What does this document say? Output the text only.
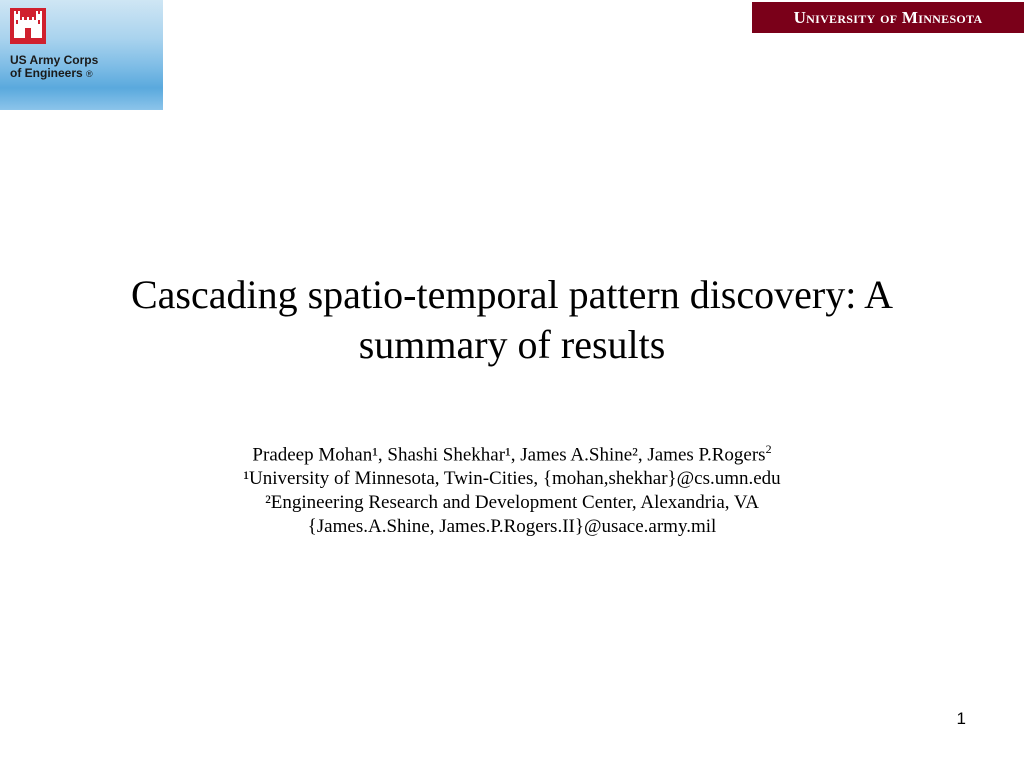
US Army Corps
of Engineers ®
University of Minnesota
Cascading spatio-temporal pattern discovery: A
summary of results
Pradeep Mohan¹, Shashi Shekhar¹, James A.Shine², James P.Rogers$^2$
¹University of Minnesota, Twin-Cities, {mohan,shekhar}@cs.umn.edu
²Engineering Research and Development Center, Alexandria, VA
{James.A.Shine, James.P.Rogers.II}@usace.army.mil
1
